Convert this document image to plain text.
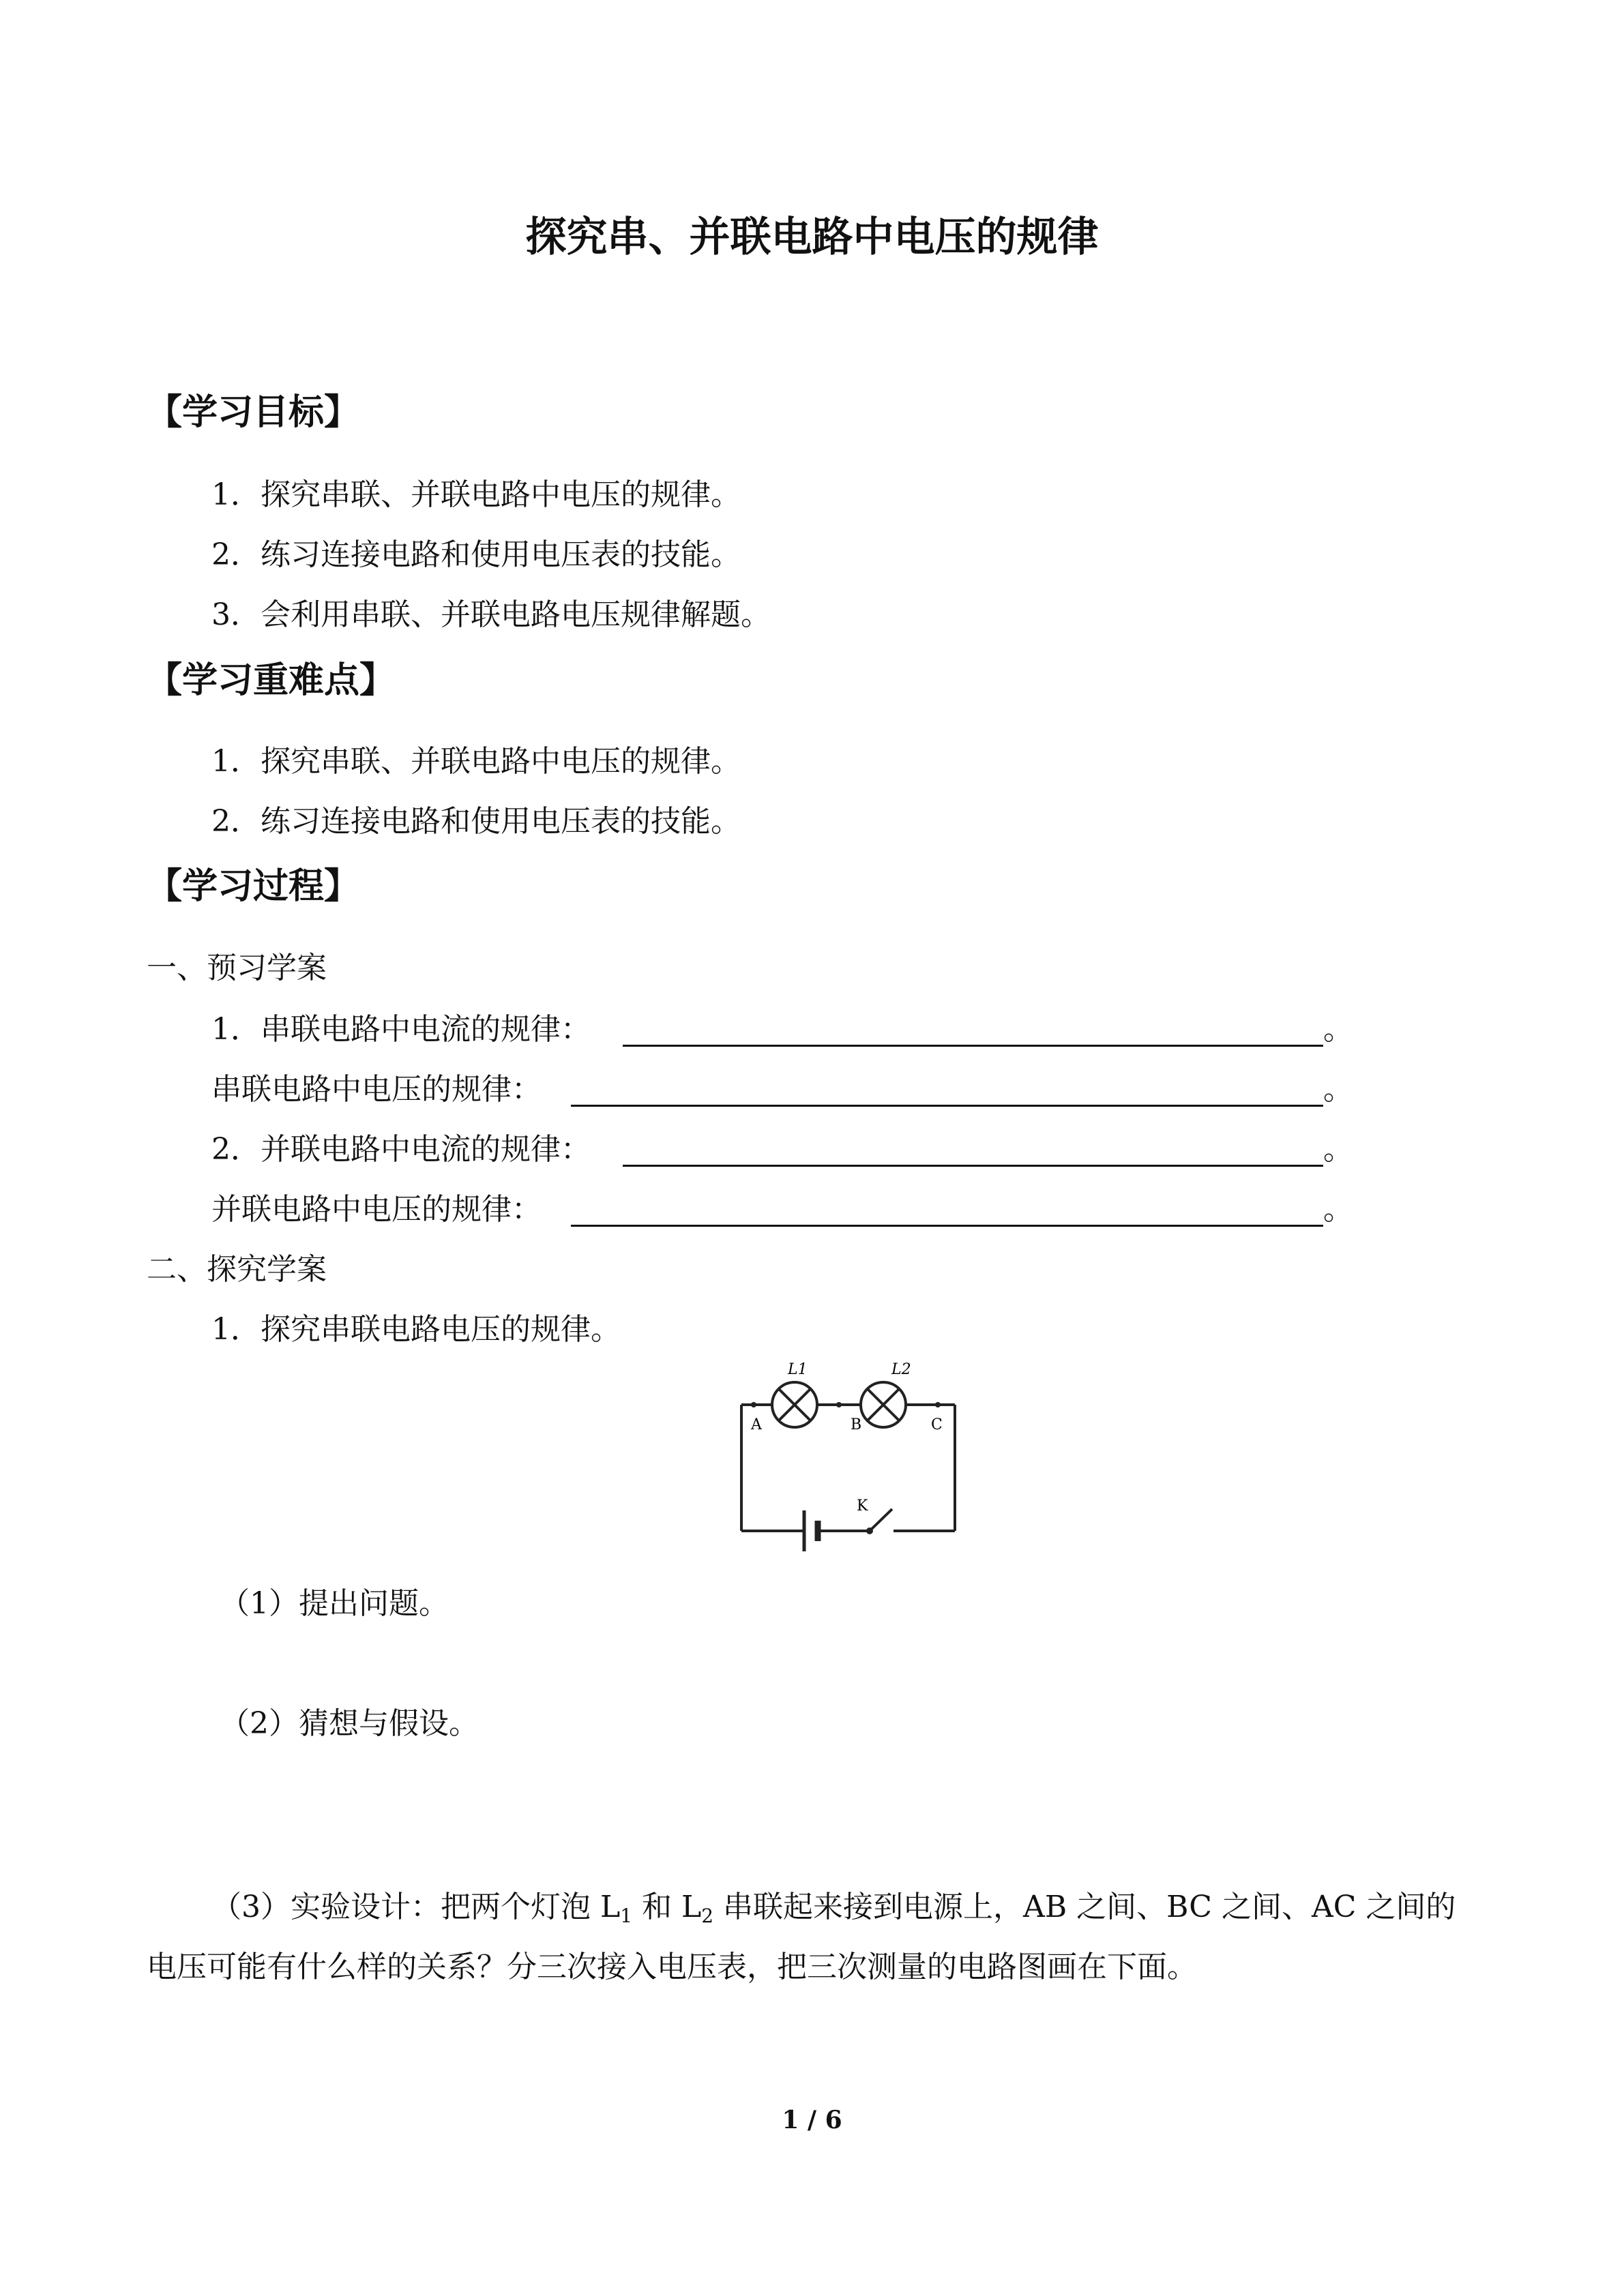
探究串、并联电路中电压的规律
【学习目标】
1．探究串联、并联电路中电压的规律。
2．练习连接电路和使用电压表的技能。
3．会利用串联、并联电路电压规律解题。
【学习重难点】
1．探究串联、并联电路中电压的规律。
2．练习连接电路和使用电压表的技能。
【学习过程】
一、预习学案
1．串联电路中电流的规律：	。
串联电路中电压的规律：	。
2．并联电路中电流的规律：	。
并联电路中电压的规律：	。
二、探究学案
1．探究串联电路电压的规律。
L1	L2
A	B	C
K
（1）提出问题。
（2）猜想与假设。
（3）实验设计：把两个灯泡 $L_1$ 和 $L_2$ 串联起来接到电源上，AB 之间、BC 之间、AC 之间的电压可能有什么样的关系？分三次接入电压表，把三次测量的电路图画在下面。
1 / 6
